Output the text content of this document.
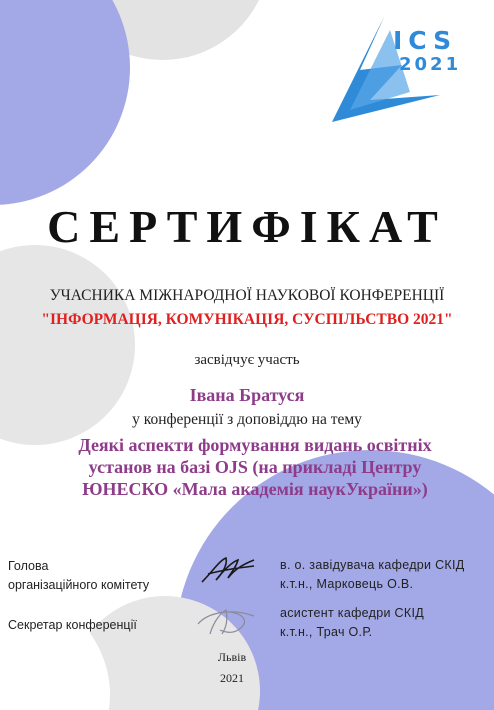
ICS
2021
СЕРТИФІКАТ
УЧАСНИКА МІЖНАРОДНОЇ НАУКОВОЇ КОНФЕРЕНЦІЇ
"ІНФОРМАЦІЯ, КОМУНІКАЦІЯ, СУСПІЛЬСТВО 2021"
засвідчує участь
Івана Братуся
у конференції з доповіддю на тему
Деякі аспекти формування видань освітніх установ на базі OJS (на прикладі Центру ЮНЕСКО «Мала академія наукУкраїни»)
Голова
організаційного комітету
Секретар конференції
в. о. завідувача кафедри СКІД
к.т.н., Марковець О.В.
асистент кафедри СКІД
к.т.н., Трач О.Р.
Львів
2021
